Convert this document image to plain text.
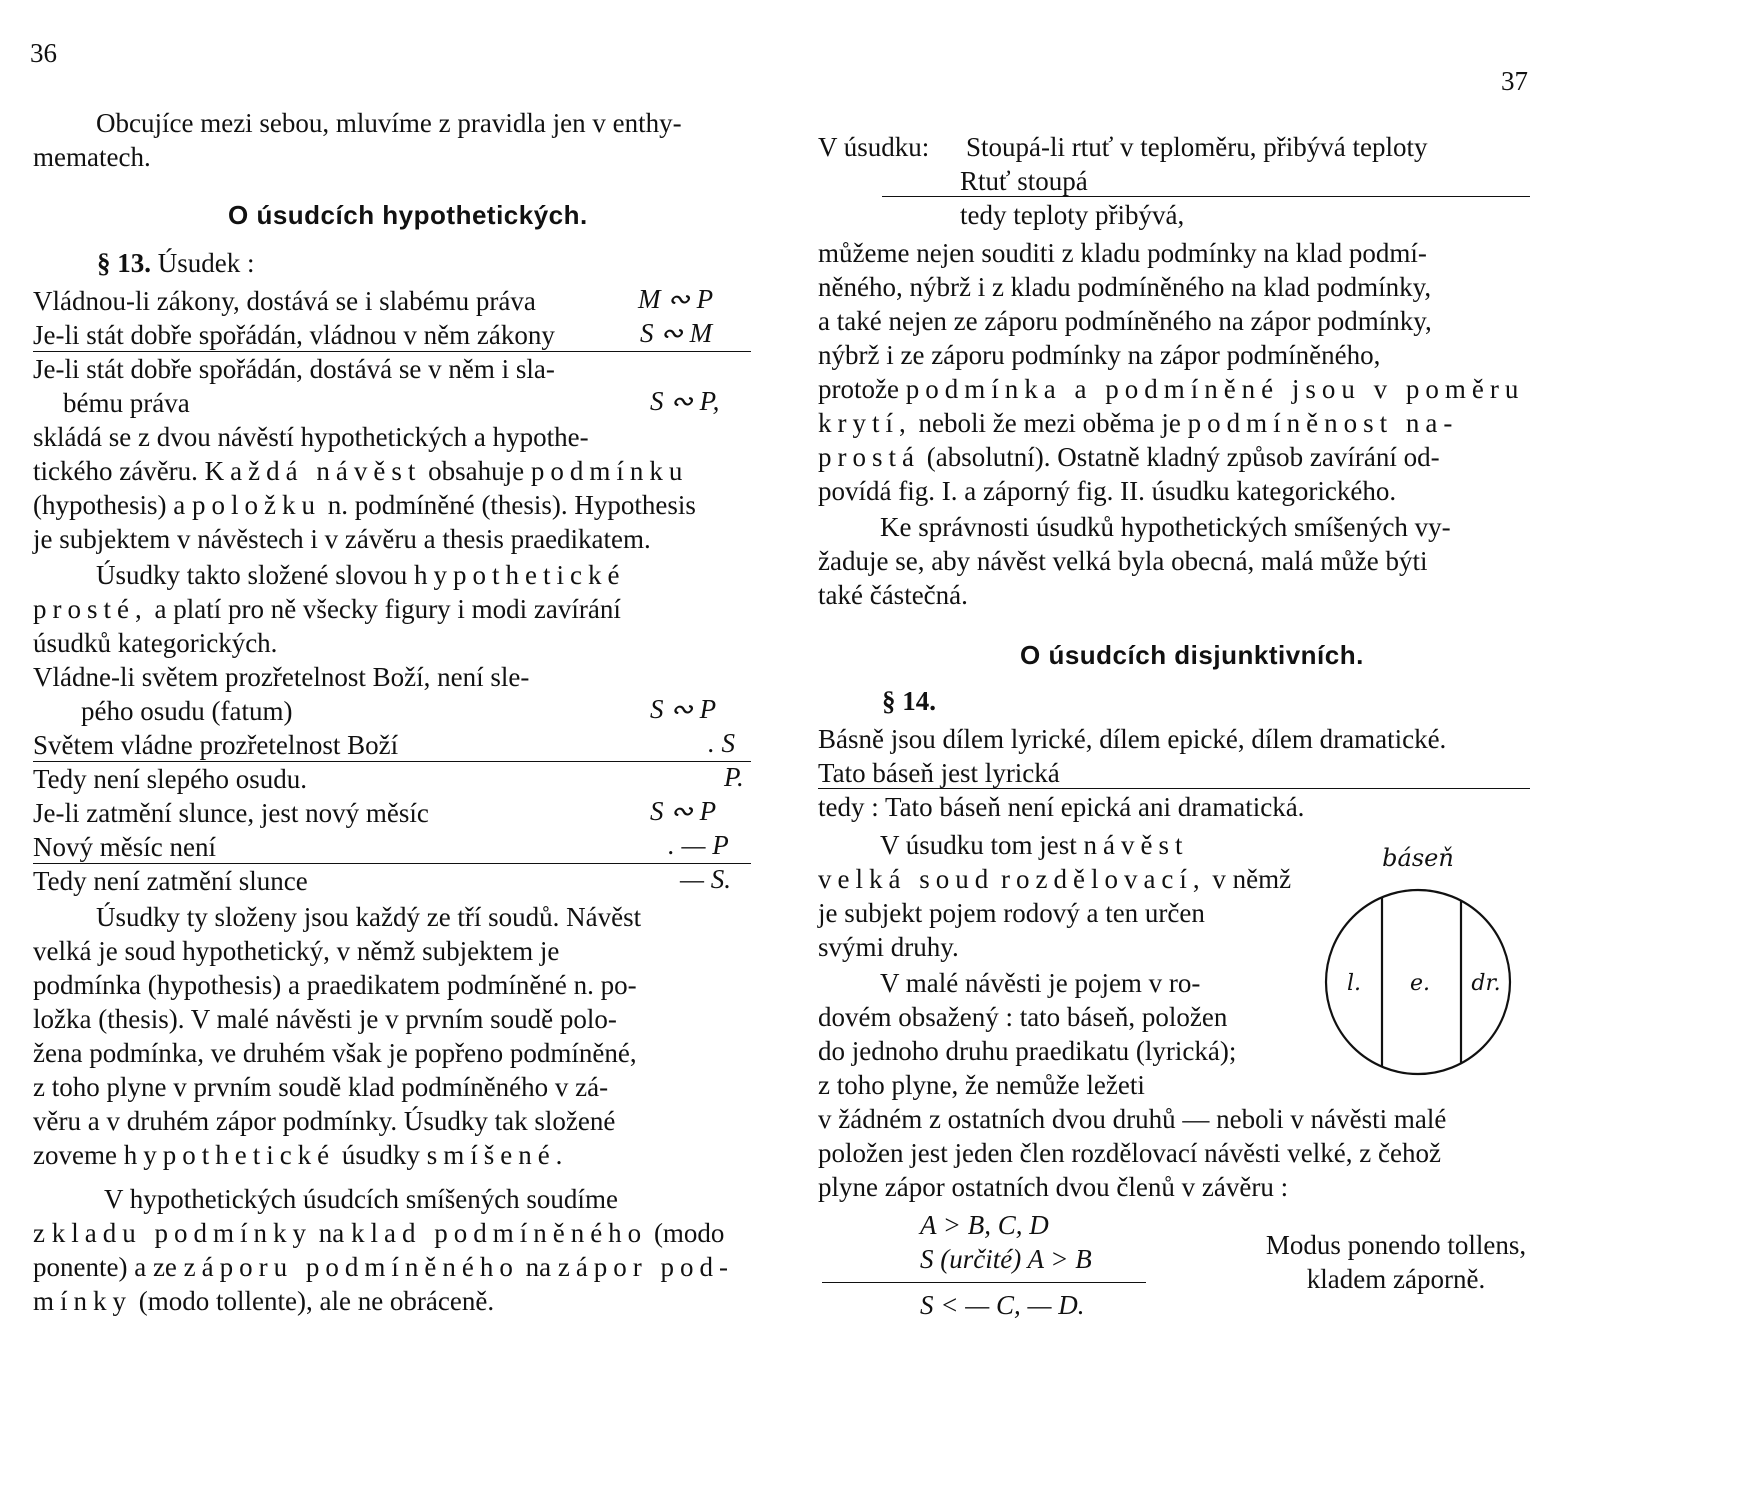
36
Obcujíce mezi sebou, mluvíme z pravidla jen v enthy-
mematech.
O úsudcích hypothetických.
§ 13. Úsudek :
Vládnou-li zákony, dostává se i slabému práva	M ∾ P
Je-li stát dobře spořádán, vládnou v něm zákony	S ∾ M
Je-li stát dobře spořádán, dostává se v něm i sla-
bému práva	S ∾ P,
skládá se z dvou návěstí hypothetických a hypothe-
tického závěru. Každá návěst obsahuje podmínku
(hypothesis) a položku n. podmíněné (thesis). Hypothesis
je subjektem v návěstech i v závěru a thesis praedikatem.
Úsudky takto složené slovou hypothetické
prosté, a platí pro ně všecky figury i modi zavírání
úsudků kategorických.
Vládne-li světem prozřetelnost Boží, není sle-
pého osudu (fatum)	S ∾ P
Světem vládne prozřetelnost Boží	. S
Tedy není slepého osudu.	P.
Je-li zatmění slunce, jest nový měsíc	S ∾ P
Nový měsíc není	. — P
Tedy není zatmění slunce	— S.
Úsudky ty složeny jsou každý ze tří soudů. Návěst
velká je soud hypothetický, v němž subjektem je
podmínka (hypothesis) a praedikatem podmíněné n. po-
ložka (thesis). V malé návěsti je v prvním soudě polo-
žena podmínka, ve druhém však je popřeno podmíněné,
z toho plyne v prvním soudě klad podmíněného v zá-
věru a v druhém zápor podmínky. Úsudky tak složené
zoveme hypothetické úsudky smíšené.
V hypothetických úsudcích smíšených soudíme
z kladu podmínky na klad podmíněného (modo
ponente) a ze záporu podmíněného na zápor pod-
mínky (modo tollente), ale ne obráceně.
37
V úsudku: Stoupá-li rtuť v teploměru, přibývá teploty
Rtuť stoupá
tedy teploty přibývá,
můžeme nejen souditi z kladu podmínky na klad podmí-
něného, nýbrž i z kladu podmíněného na klad podmínky,
a také nejen ze záporu podmíněného na zápor podmínky,
nýbrž i ze záporu podmínky na zápor podmíněného,
protože podmínka a podmíněné jsou v poměru
krytí, neboli že mezi oběma je podmíněnost na-
prostá (absolutní). Ostatně kladný způsob zavírání od-
povídá fig. I. a záporný fig. II. úsudku kategorického.
Ke správnosti úsudků hypothetických smíšených vy-
žaduje se, aby návěst velká byla obecná, malá může býti
také částečná.
O úsudcích disjunktivních.
§ 14.
Básně jsou dílem lyrické, dílem epické, dílem dramatické.
Tato báseň jest lyrická
tedy : Tato báseň není epická ani dramatická.
V úsudku tom jest návěst
velká soud rozdělovací, v němž
je subjekt pojem rodový a ten určen
svými druhy.
V malé návěsti je pojem v ro-
dovém obsažený : tato báseň, položen
do jednoho druhu praedikatu (lyrická);
z toho plyne, že nemůže ležeti
v žádném z ostatních dvou druhů — neboli v návěsti malé
položen jest jeden člen rozdělovací návěsti velké, z čehož
plyne zápor ostatních dvou členů v závěru :
báseň
l. e. dr.
A > B, C, D
S (určité) A > B
S < — C, — D.
Modus ponendo tollens,
kladem záporně.
